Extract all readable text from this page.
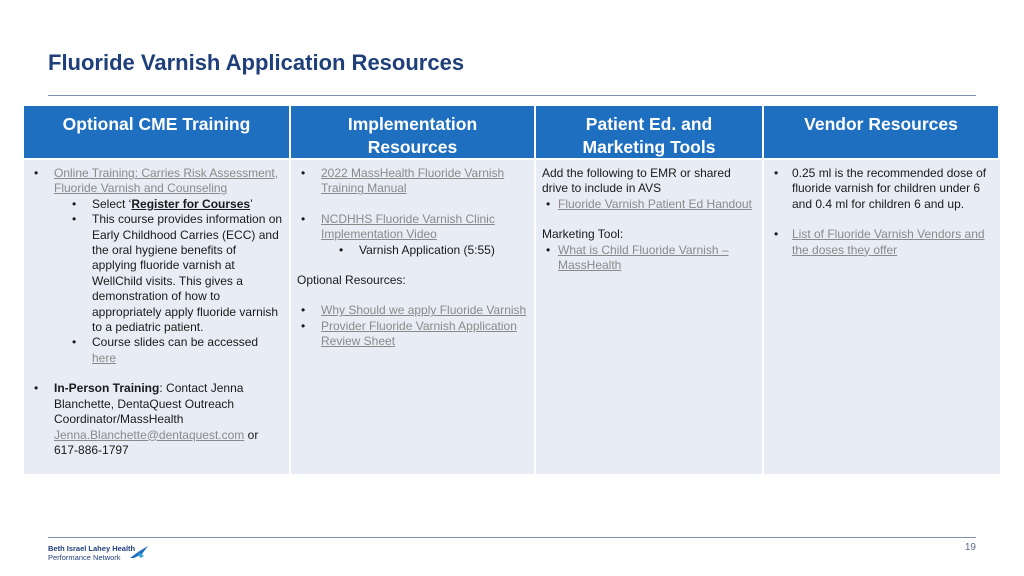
Fluoride Varnish Application Resources
Optional CME Training	Implementation Resources
Patient Ed. and Marketing Tools
Vendor Resources
• Online Training: Carries Risk Assessment, Fluoride Varnish and Counseling
• Select ‘Register for Courses’
• This course provides information on Early Childhood Carries (ECC) and the oral hygiene benefits of applying fluoride varnish at WellChild visits. This gives a demonstration of how to appropriately apply fluoride varnish to a pediatric patient.
• Course slides can be accessed here
• In-Person Training: Contact Jenna Blanchette, DentaQuest Outreach Coordinator/MassHealth Jenna.Blanchette@dentaquest.com or
617-886-1797
• 2022 MassHealth Fluoride Varnish Training Manual
• NCDHHS Fluoride Varnish Clinic Implementation Video
• Varnish Application (5:55)
Optional Resources:
• Why Should we apply Fluoride Varnish
• Provider Fluoride Varnish Application Review Sheet
Add the following to EMR or shared drive to include in AVS
• Fluoride Varnish Patient Ed Handout
Marketing Tool:
• What is Child Fluoride Varnish – MassHealth
• 0.25 ml is the recommended dose of fluoride varnish for children under 6 and 0.4 ml for children 6 and up.
• List of Fluoride Varnish Vendors and the doses they offer
Beth Israel Lahey Health
Performance Network
19
